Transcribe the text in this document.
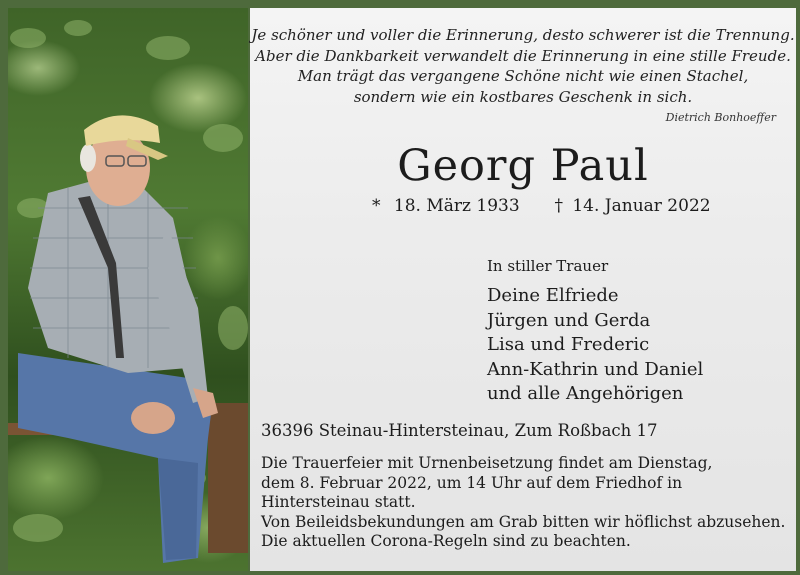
Je schöner und voller die Erinnerung, desto schwerer ist die Trennung.
Aber die Dankbarkeit verwandelt die Erinnerung in eine stille Freude.
Man trägt das vergangene Schöne nicht wie einen Stachel,
sondern wie ein kostbares Geschenk in sich.
Dietrich Bonhoeffer
Georg Paul
* 18. März 1933 † 14. Januar 2022
In stiller Trauer
Deine Elfriede
Jürgen und Gerda
Lisa und Frederic
Ann-Kathrin und Daniel
und alle Angehörigen
36396 Steinau-Hintersteinau, Zum Roßbach 17
Die Trauerfeier mit Urnenbeisetzung findet am Dienstag,
dem 8. Februar 2022, um 14 Uhr auf dem Friedhof in
Hintersteinau statt.
Von Beileidsbekundungen am Grab bitten wir höflichst abzusehen.
Die aktuellen Corona-Regeln sind zu beachten.
